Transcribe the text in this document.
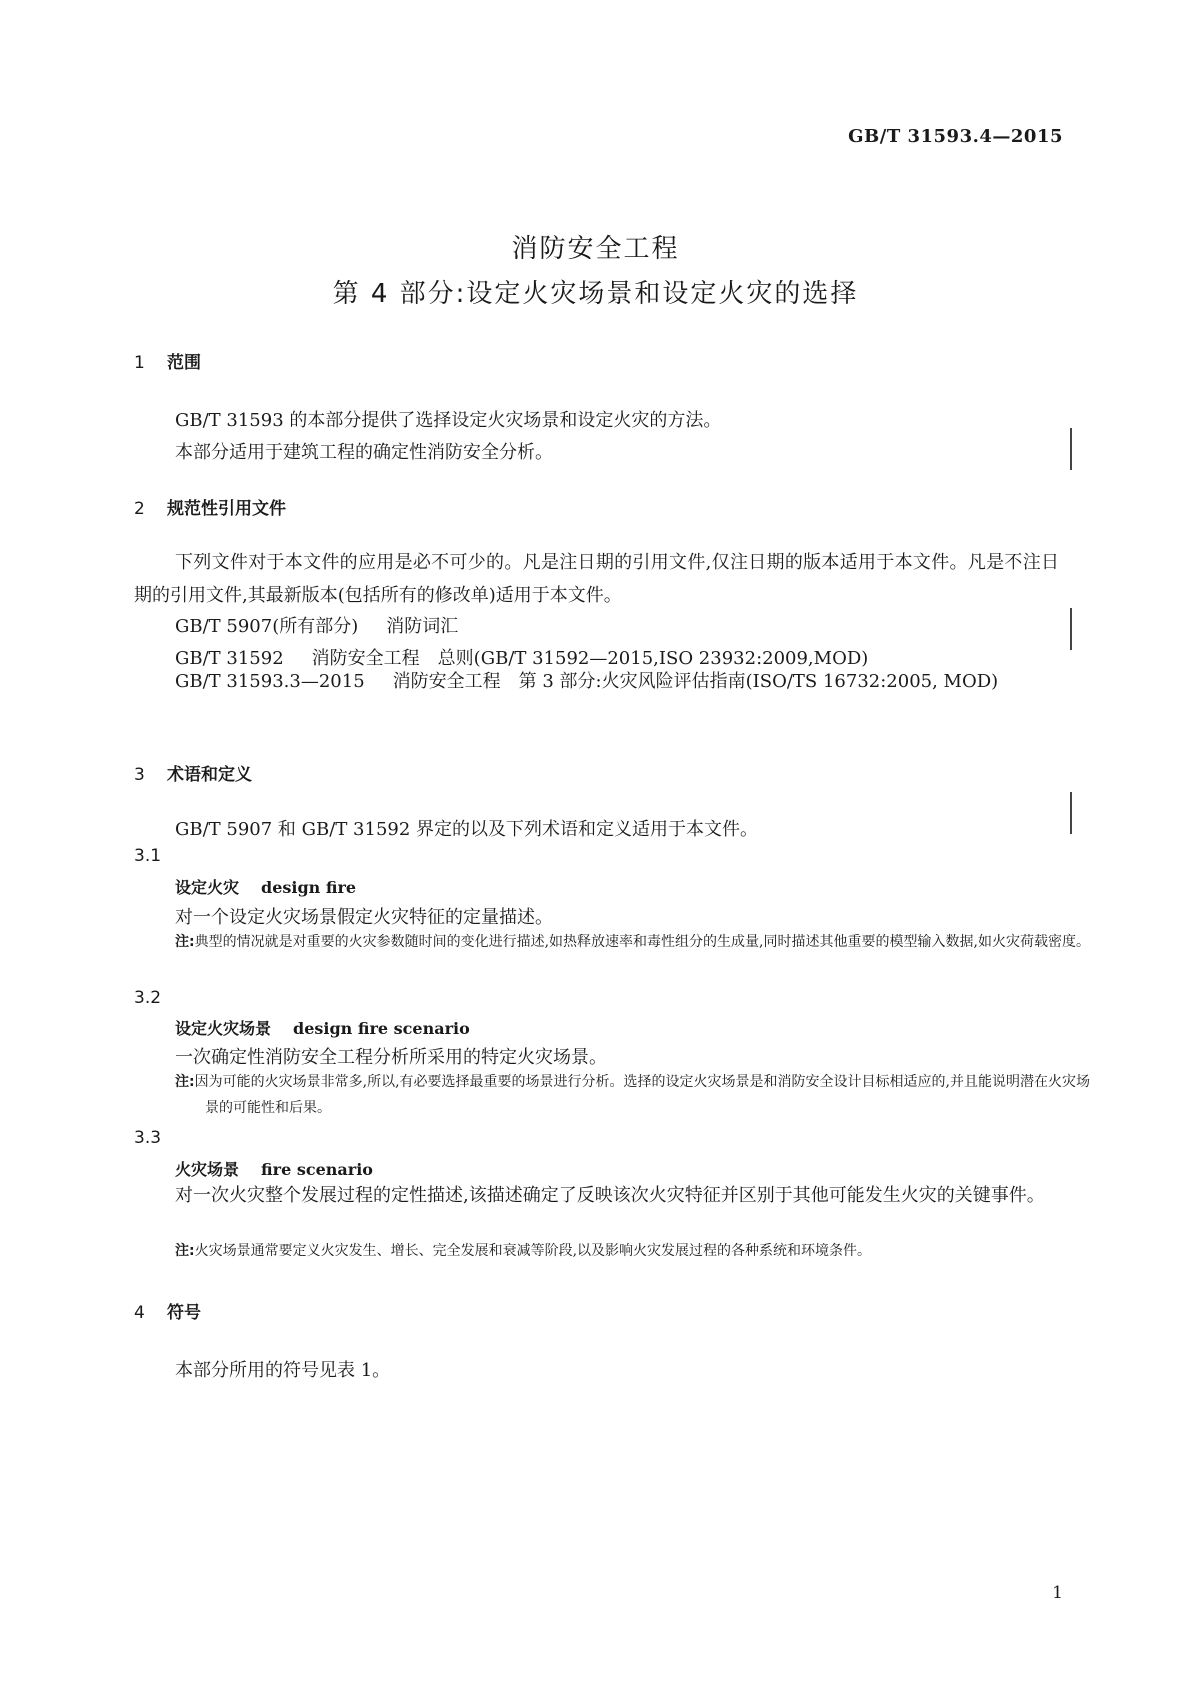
GB/T 31593.4—2015
消防安全工程
第 4 部分:设定火灾场景和设定火灾的选择
1 范围
GB/T 31593 的本部分提供了选择设定火灾场景和设定火灾的方法。
本部分适用于建筑工程的确定性消防安全分析。
2 规范性引用文件
下列文件对于本文件的应用是必不可少的。凡是注日期的引用文件,仅注日期的版本适用于本文件。凡是不注日期的引用文件,其最新版本(包括所有的修改单)适用于本文件。
GB/T 5907(所有部分) 消防词汇
GB/T 31592 消防安全工程　总则(GB/T 31592—2015,ISO 23932:2009,MOD)
GB/T 31593.3—2015 消防安全工程　第 3 部分:火灾风险评估指南(ISO/TS 16732:2005, MOD)
3 术语和定义
GB/T 5907 和 GB/T 31592 界定的以及下列术语和定义适用于本文件。
3.1
设定火灾 design fire
对一个设定火灾场景假定火灾特征的定量描述。
注:典型的情况就是对重要的火灾参数随时间的变化进行描述,如热释放速率和毒性组分的生成量,同时描述其他重要的模型输入数据,如火灾荷载密度。
3.2
设定火灾场景 design fire scenario
一次确定性消防安全工程分析所采用的特定火灾场景。
注:因为可能的火灾场景非常多,所以,有必要选择最重要的场景进行分析。选择的设定火灾场景是和消防安全设计目标相适应的,并且能说明潜在火灾场景的可能性和后果。
3.3
火灾场景 fire scenario
对一次火灾整个发展过程的定性描述,该描述确定了反映该次火灾特征并区别于其他可能发生火灾的关键事件。
注:火灾场景通常要定义火灾发生、增长、完全发展和衰减等阶段,以及影响火灾发展过程的各种系统和环境条件。
4 符号
本部分所用的符号见表 1。
1
